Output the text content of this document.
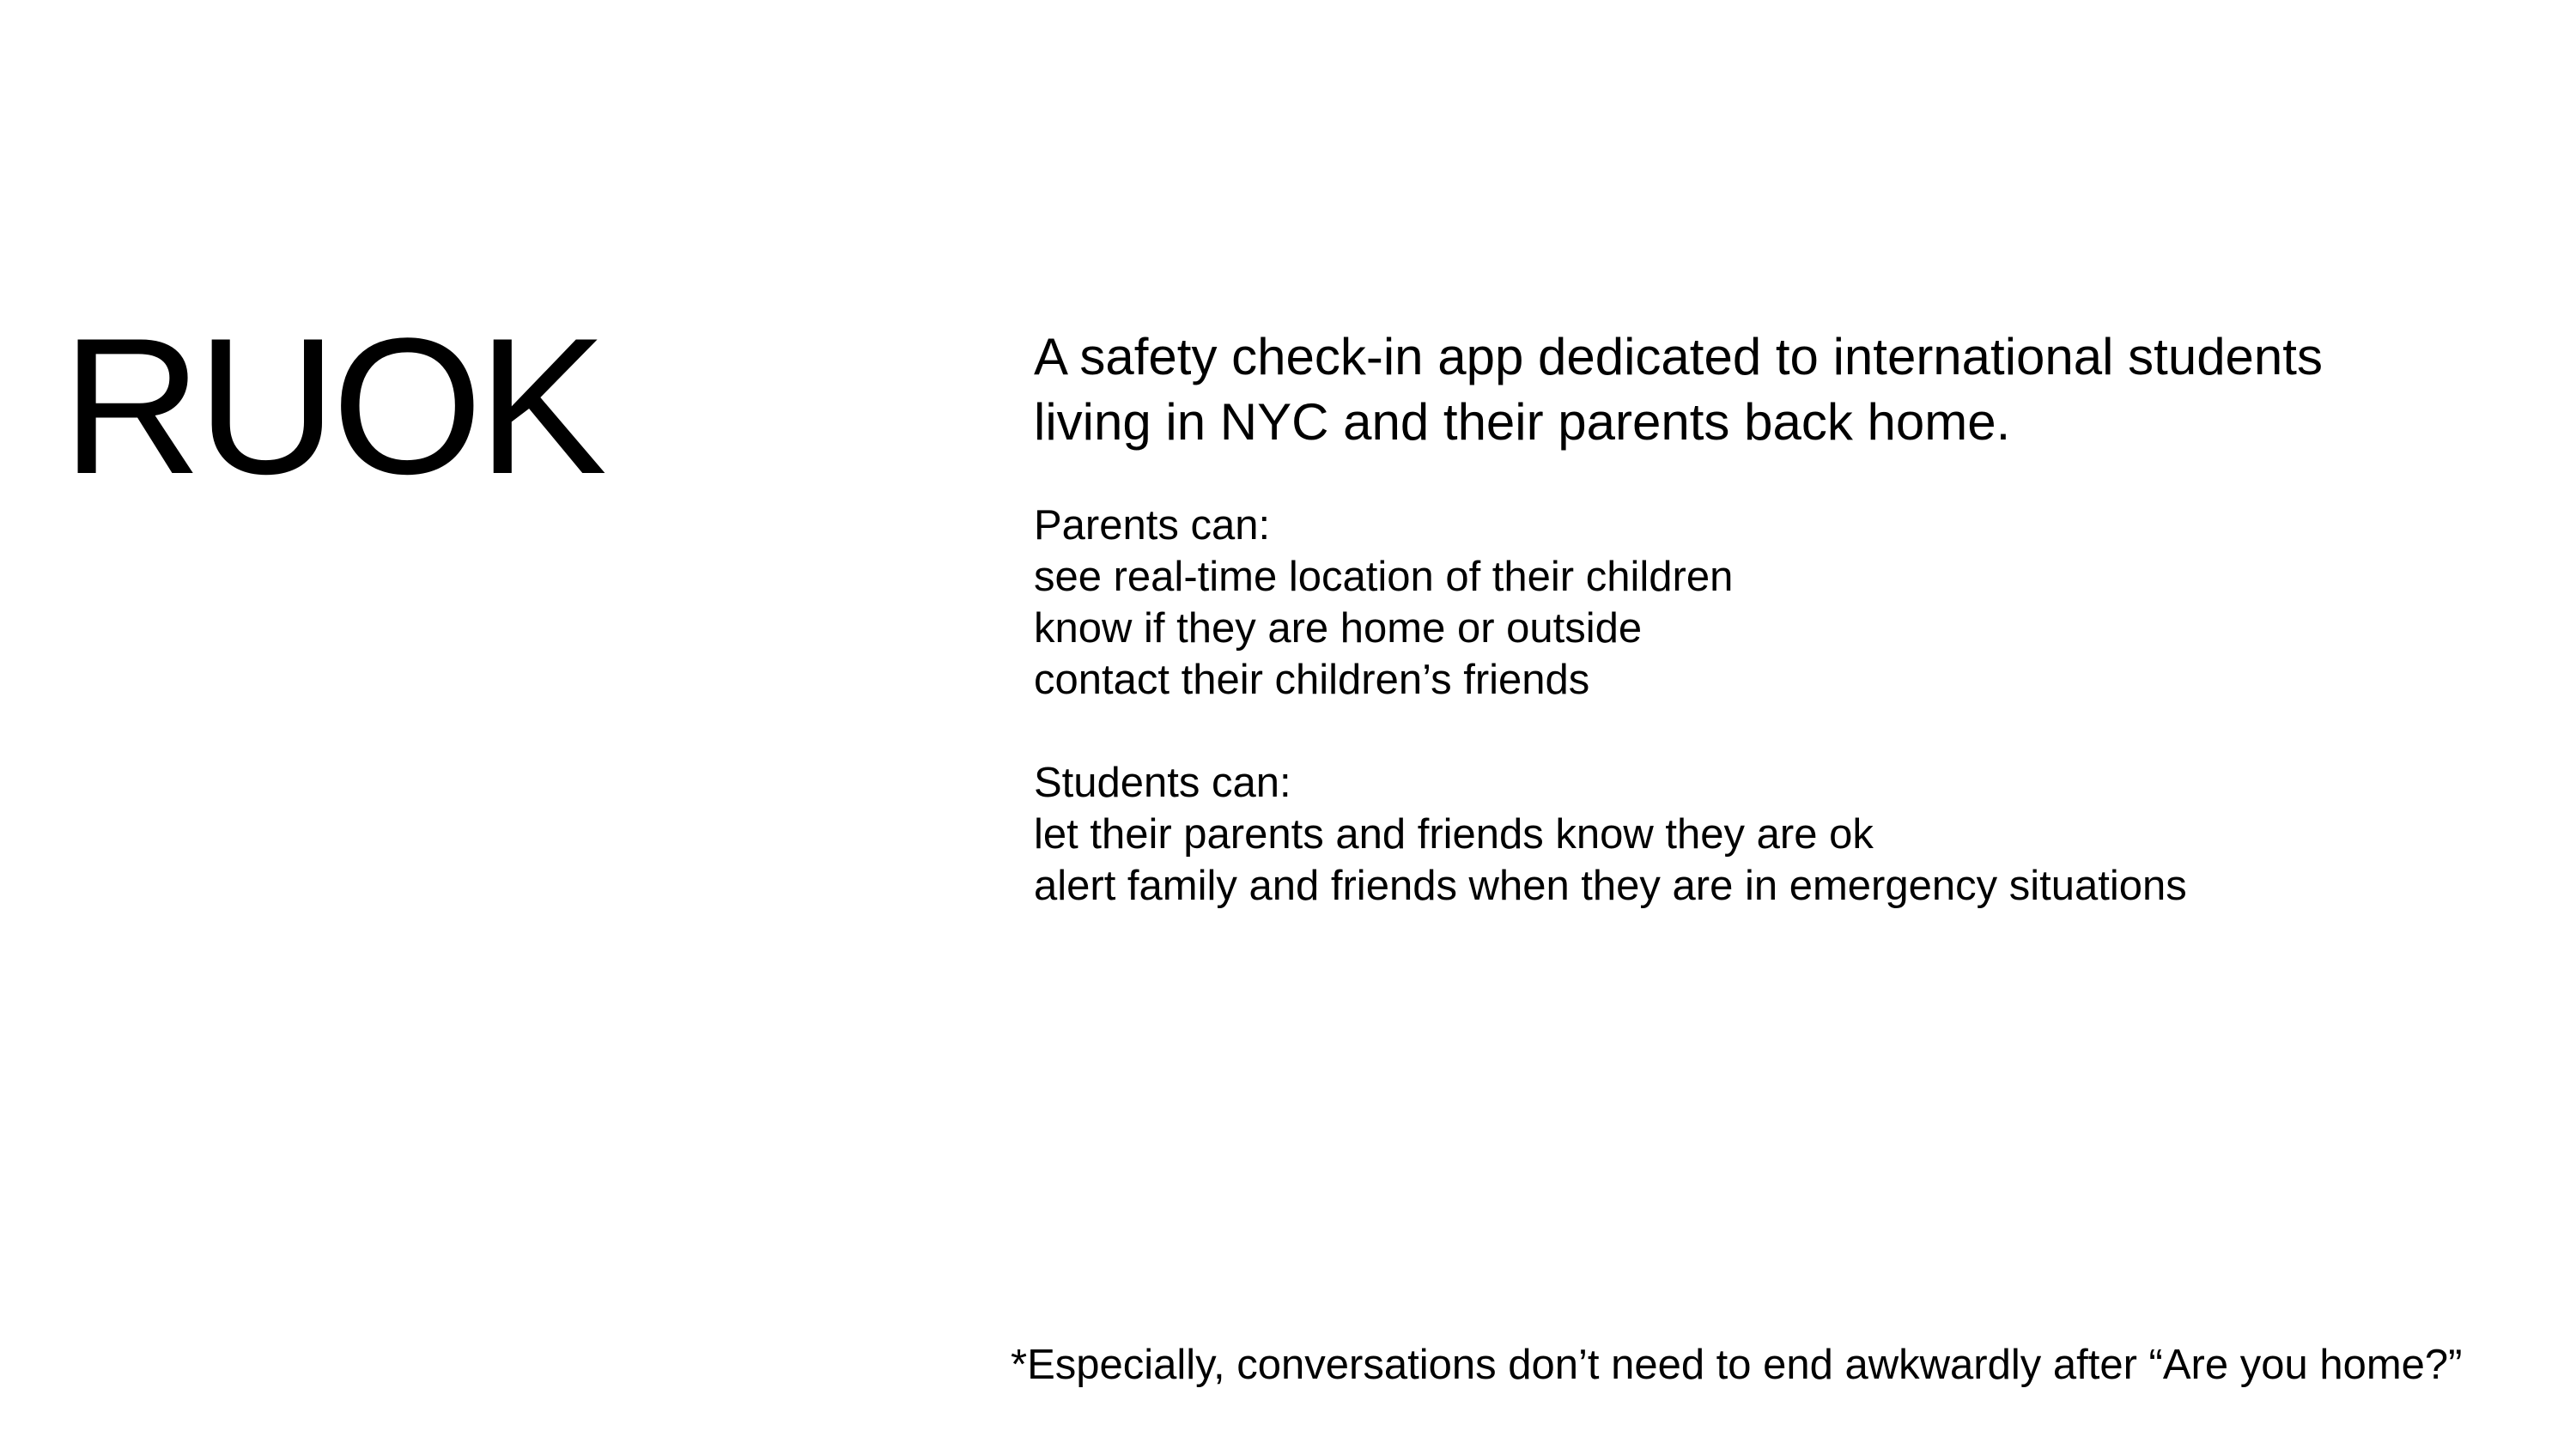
RUOK	A safety check-in app dedicated to international students
living in NYC and their parents back home.

Parents can:
see real-time location of their children
know if they are home or outside
contact their children’s friends
Students can:
let their parents and friends know they are ok
alert family and friends when they are in emergency situations

*Especially, conversations don’t need to end awkwardly after “Are you home?”
